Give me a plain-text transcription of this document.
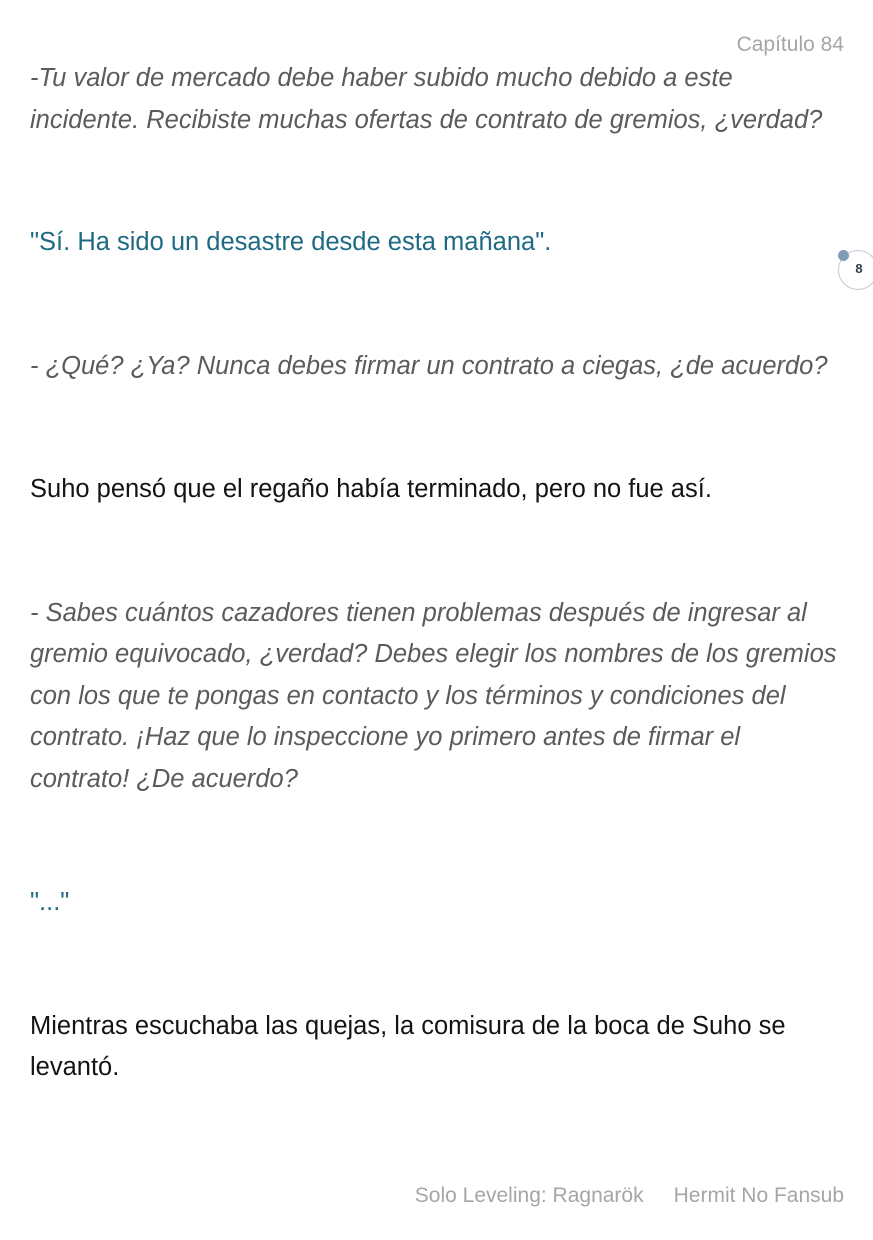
Capítulo 84
8

-Tu valor de mercado debe haber subido mucho debido a este incidente. Recibiste muchas ofertas de contrato de gremios, ¿verdad?

"Sí. Ha sido un desastre desde esta mañana".

- ¿Qué? ¿Ya? Nunca debes firmar un contrato a ciegas, ¿de acuerdo?

Suho pensó que el regaño había terminado, pero no fue así.

- Sabes cuántos cazadores tienen problemas después de ingresar al gremio equivocado, ¿verdad? Debes elegir los nombres de los gremios con los que te pongas en contacto y los términos y condiciones del contrato. ¡Haz que lo inspeccione yo primero antes de firmar el contrato! ¿De acuerdo?

"..."

Mientras escuchaba las quejas, la comisura de la boca de Suho se levantó.

Solo Leveling: Ragnarök Hermit No Fansub
